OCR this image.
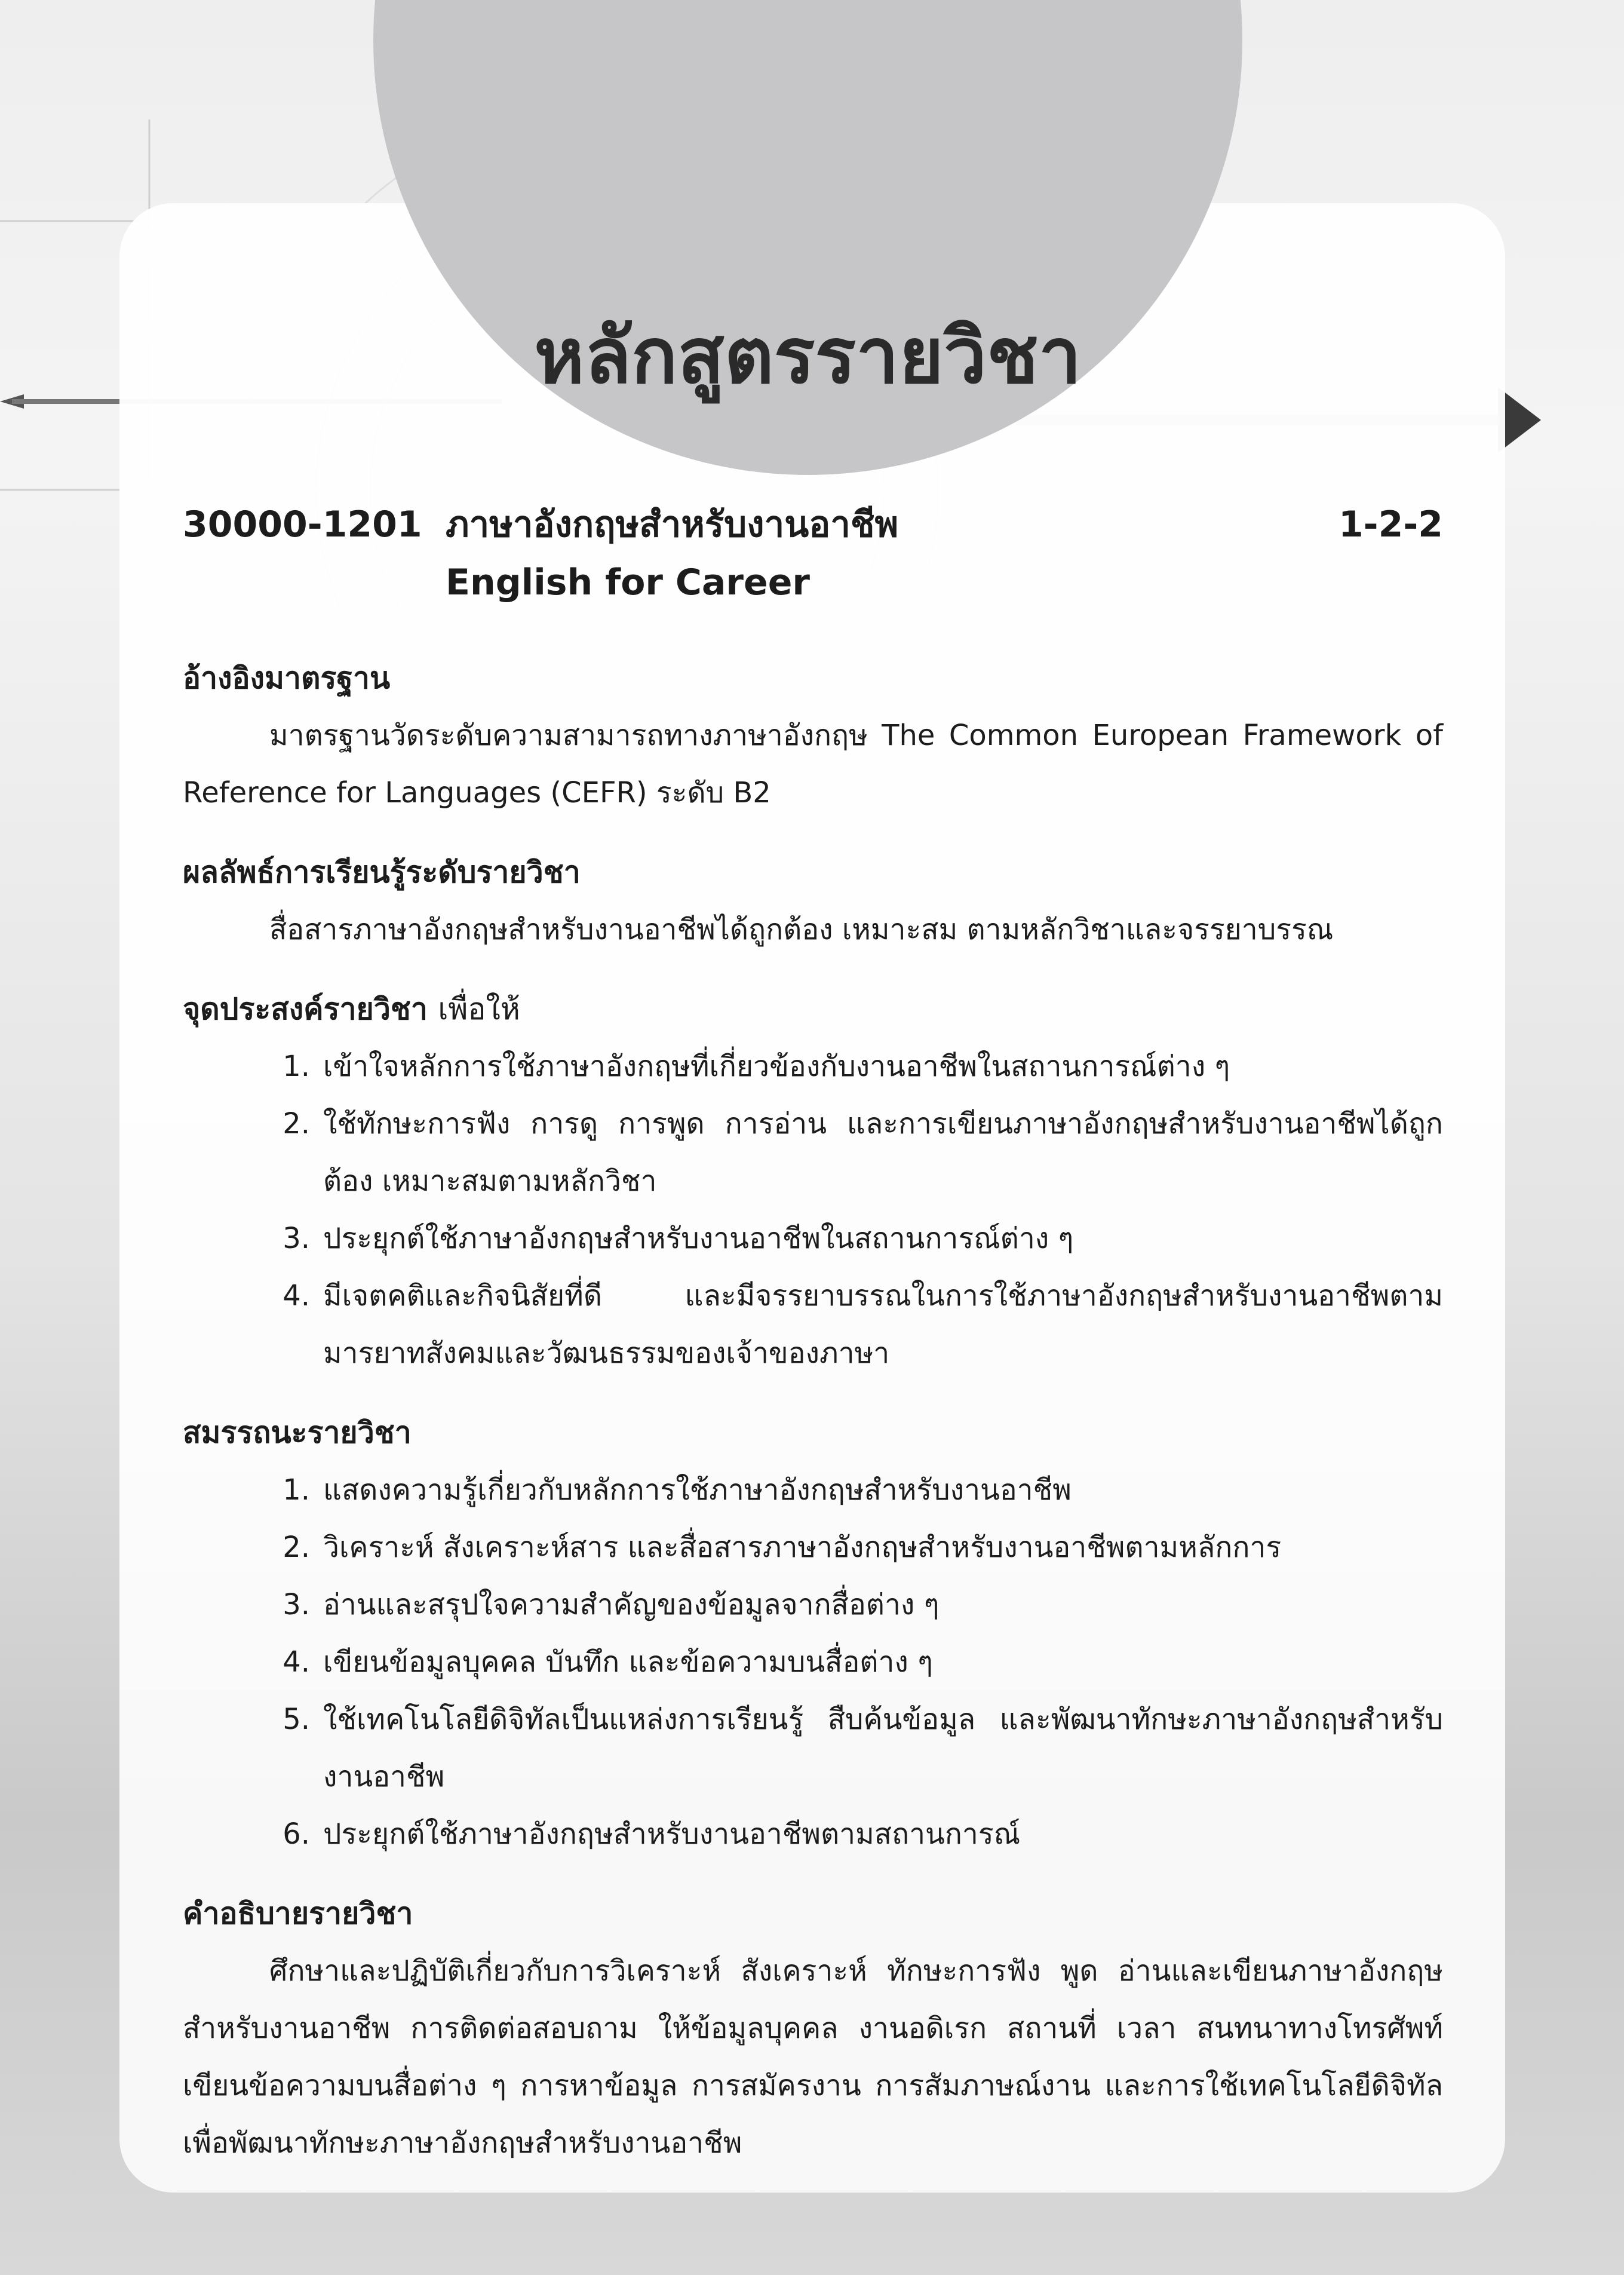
หลักสูตรรายวิชา
30000-1201 ภาษาอังกฤษสำหรับงานอาชีพ	1-2-2
English for Career
อ้างอิงมาตรฐาน

มาตรฐานวัดระดับความสามารถทางภาษาอังกฤษ The Common European Framework of Reference for Languages (CEFR) ระดับ B2

ผลลัพธ์การเรียนรู้ระดับรายวิชา

สื่อสารภาษาอังกฤษสำหรับงานอาชีพได้ถูกต้อง เหมาะสม ตามหลักวิชาและจรรยาบรรณ

จุดประสงค์รายวิชา เพื่อให้
1. เข้าใจหลักการใช้ภาษาอังกฤษที่เกี่ยวข้องกับงานอาชีพในสถานการณ์ต่าง ๆ
2. ใช้ทักษะการฟัง การดู การพูด การอ่าน และการเขียนภาษาอังกฤษสำหรับงานอาชีพได้ถูกต้อง เหมาะสมตามหลักวิชา
3. ประยุกต์ใช้ภาษาอังกฤษสำหรับงานอาชีพในสถานการณ์ต่าง ๆ
4. มีเจตคติและกิจนิสัยที่ดี และมีจรรยาบรรณในการใช้ภาษาอังกฤษสำหรับงานอาชีพตามมารยาทสังคมและวัฒนธรรมของเจ้าของภาษา
สมรรถนะรายวิชา
1. แสดงความรู้เกี่ยวกับหลักการใช้ภาษาอังกฤษสำหรับงานอาชีพ
2. วิเคราะห์ สังเคราะห์สาร และสื่อสารภาษาอังกฤษสำหรับงานอาชีพตามหลักการ
3. อ่านและสรุปใจความสำคัญของข้อมูลจากสื่อต่าง ๆ
4. เขียนข้อมูลบุคคล บันทึก และข้อความบนสื่อต่าง ๆ
5. ใช้เทคโนโลยีดิจิทัลเป็นแหล่งการเรียนรู้ สืบค้นข้อมูล และพัฒนาทักษะภาษาอังกฤษสำหรับงานอาชีพ
6. ประยุกต์ใช้ภาษาอังกฤษสำหรับงานอาชีพตามสถานการณ์
คำอธิบายรายวิชา

ศึกษาและปฏิบัติเกี่ยวกับการวิเคราะห์ สังเคราะห์ ทักษะการฟัง พูด อ่านและเขียนภาษาอังกฤษสำหรับงานอาชีพ การติดต่อสอบถาม ให้ข้อมูลบุคคล งานอดิเรก สถานที่ เวลา สนทนาทางโทรศัพท์ เขียนข้อความบนสื่อต่าง ๆ การหาข้อมูล การสมัครงาน การสัมภาษณ์งาน และการใช้เทคโนโลยีดิจิทัลเพื่อพัฒนาทักษะภาษาอังกฤษสำหรับงานอาชีพ
